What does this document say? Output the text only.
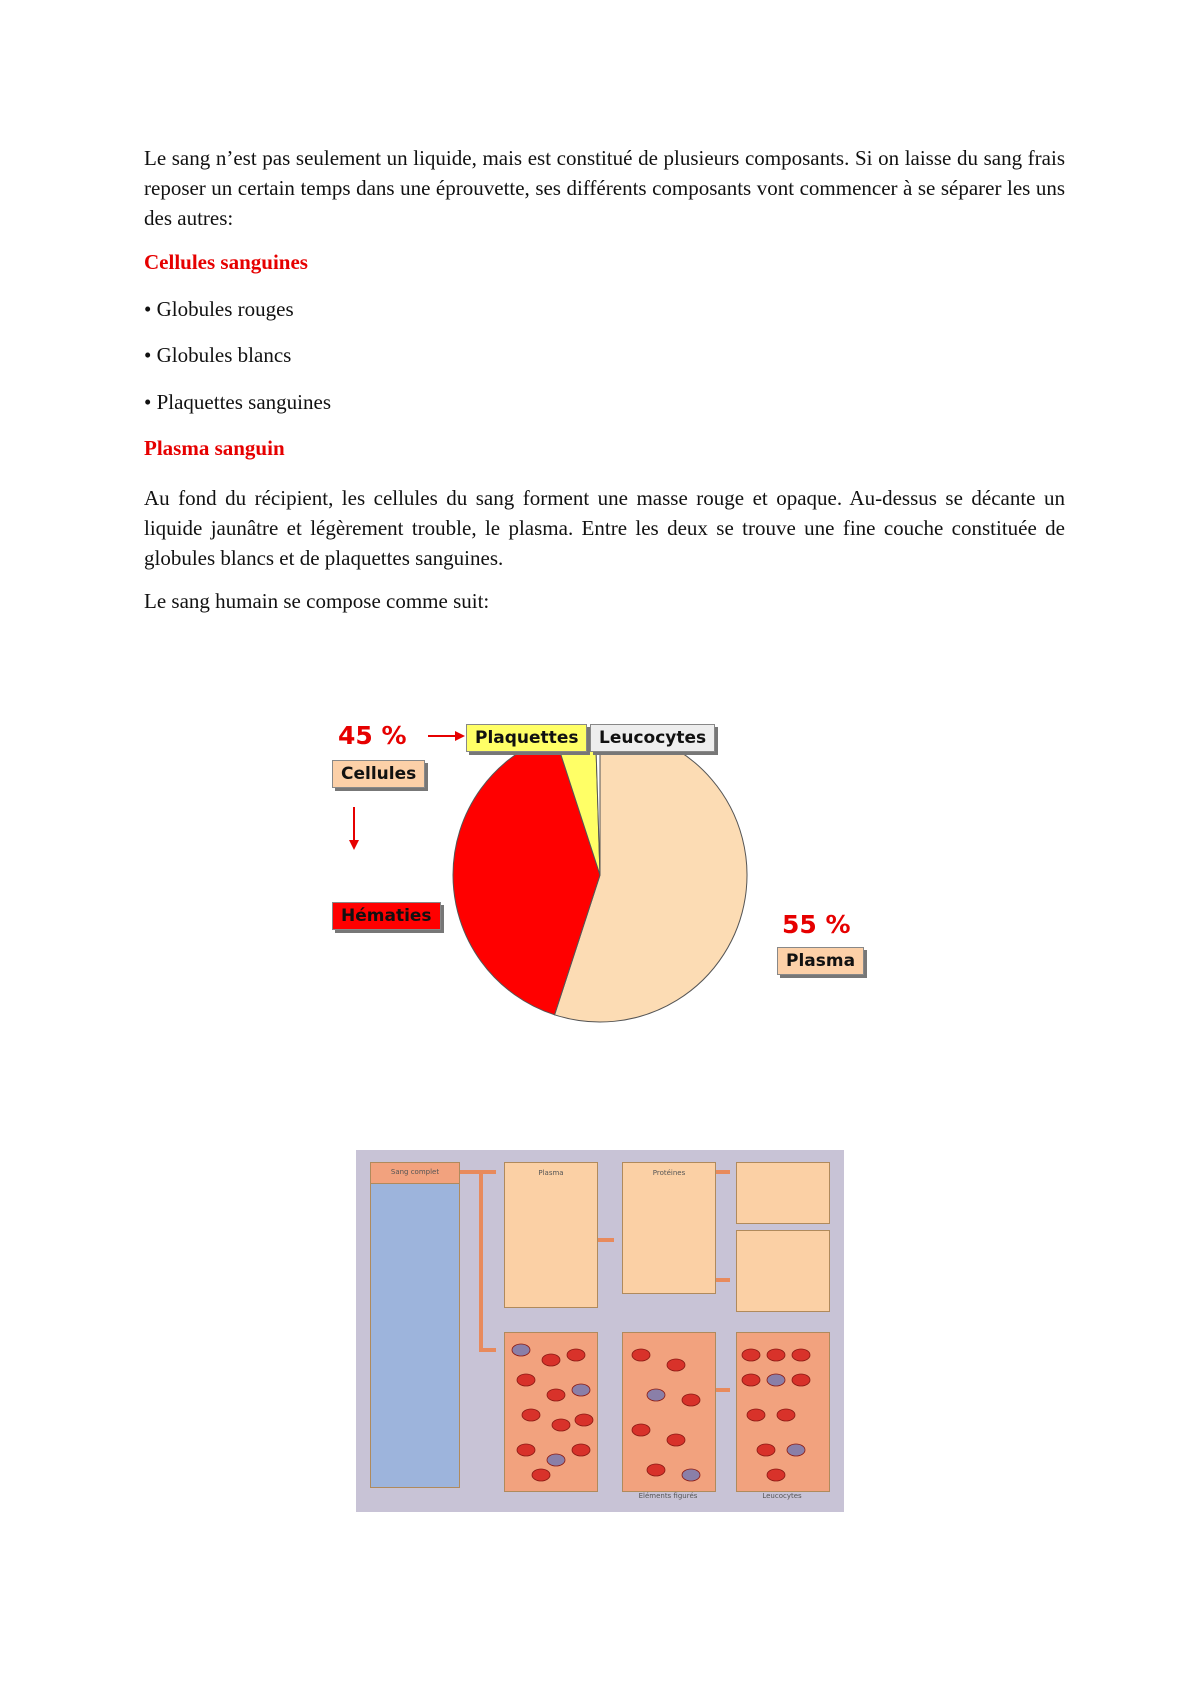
Le sang n’est pas seulement un liquide, mais est constitué de plusieurs composants. Si on laisse du sang frais reposer un certain temps dans une éprouvette, ses différents composants vont commencer à se séparer les uns des autres:

Cellules sanguines

• Globules rouges

• Globules blancs

• Plaquettes sanguines

Plasma sanguin

Au fond du récipient, les cellules du sang forment une masse rouge et opaque. Au-dessus se décante un liquide jaunâtre et légèrement trouble, le plasma. Entre les deux se trouve une fine couche constituée de globules blancs et de plaquettes sanguines.

Le sang humain se compose comme suit:

45 %
Cellules
Plaquettes	Leucocytes
Hématies	55 %
Plasma
Sang complet	Plasma	Protéines
Eléments figurés	Leucocytes
